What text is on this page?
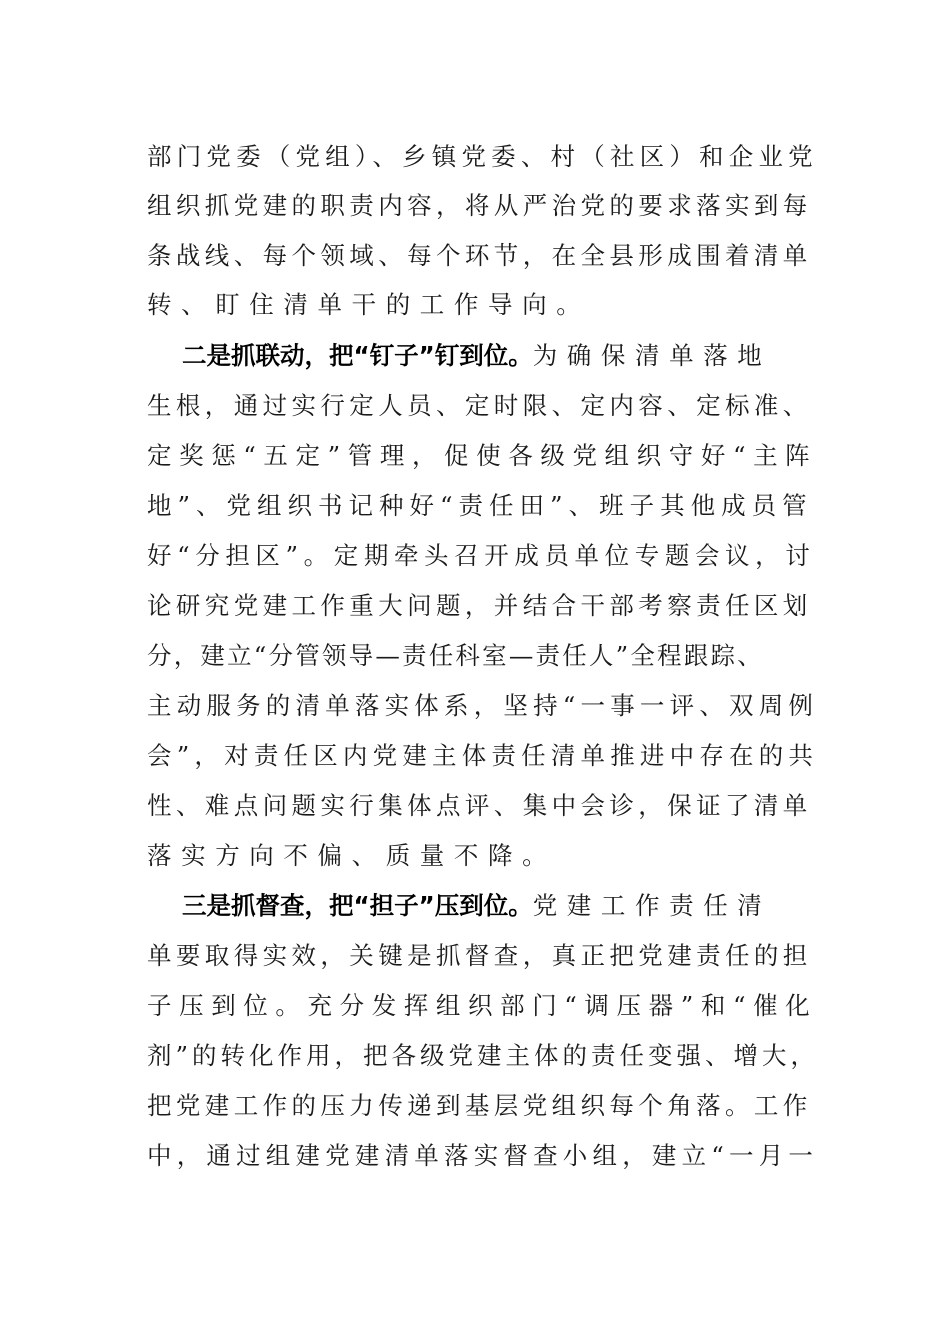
部门党委（党组）、乡镇党委、村（社区）和企业党
组织抓党建的职责内容，将从严治党的要求落实到每
条战线、每个领域、每个环节，在全县形成围着清单
转、盯住清单干的工作导向。
二是抓联动，把“钉子”钉到位。为确保清单落地
生根，通过实行定人员、定时限、定内容、定标准、
定奖惩“五定”管理，促使各级党组织守好“主阵
地”、党组织书记种好“责任田”、班子其他成员管
好“分担区”。定期牵头召开成员单位专题会议，讨
论研究党建工作重大问题，并结合干部考察责任区划
分，建立“分管领导—责任科室—责任人”全程跟踪、
主动服务的清单落实体系，坚持“一事一评、双周例
会”，对责任区内党建主体责任清单推进中存在的共
性、难点问题实行集体点评、集中会诊，保证了清单
落实方向不偏、质量不降。
三是抓督查，把“担子”压到位。党建工作责任清
单要取得实效，关键是抓督查，真正把党建责任的担
子压到位。充分发挥组织部门“调压器”和“催化
剂”的转化作用，把各级党建主体的责任变强、增大，
把党建工作的压力传递到基层党组织每个角落。工作
中，通过组建党建清单落实督查小组，建立“一月一
